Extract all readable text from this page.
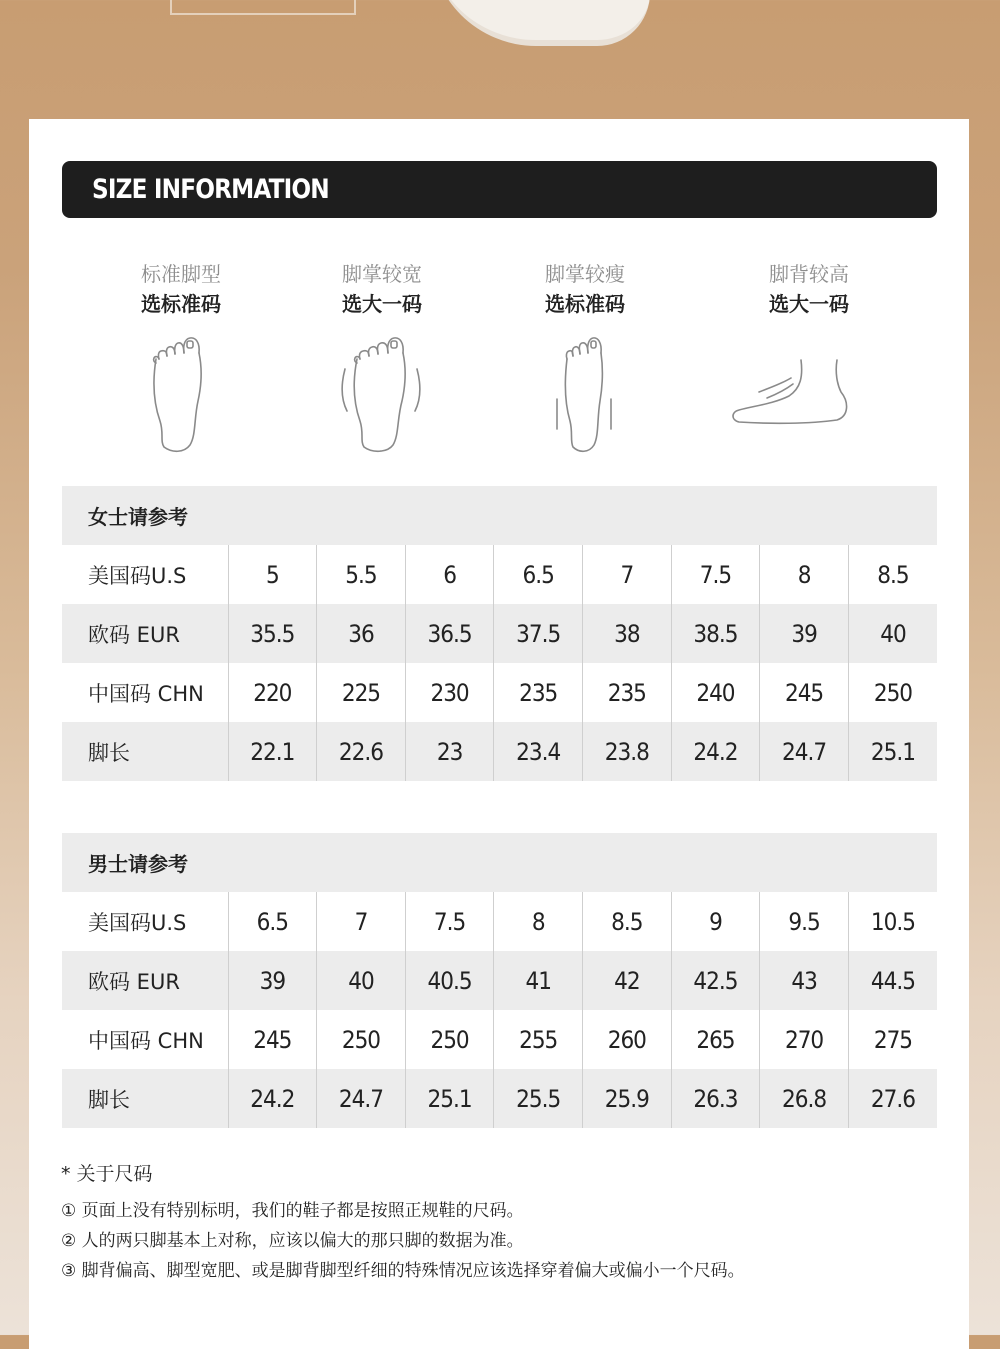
SIZE INFORMATION
标准脚型
选标准码
脚掌较宽
选大一码
脚掌较瘦
选标准码
脚背较高
选大一码
女士请参考								
美国码U.S	5	5.5	6	6.5	7	7.5	8	8.5
欧码 EUR	35.5	36	36.5	37.5	38	38.5	39	40
中国码 CHN	220	225	230	235	235	240	245	250
脚长	22.1	22.6	23	23.4	23.8	24.2	24.7	25.1
男士请参考								
美国码U.S	6.5	7	7.5	8	8.5	9	9.5	10.5
欧码 EUR	39	40	40.5	41	42	42.5	43	44.5
中国码 CHN	245	250	250	255	260	265	270	275
脚长	24.2	24.7	25.1	25.5	25.9	26.3	26.8	27.6
* 关于尺码
① 页面上没有特别标明，我们的鞋子都是按照正规鞋的尺码。
② 人的两只脚基本上对称，应该以偏大的那只脚的数据为准。
③ 脚背偏高、脚型宽肥、或是脚背脚型纤细的特殊情况应该选择穿着偏大或偏小一个尺码。
